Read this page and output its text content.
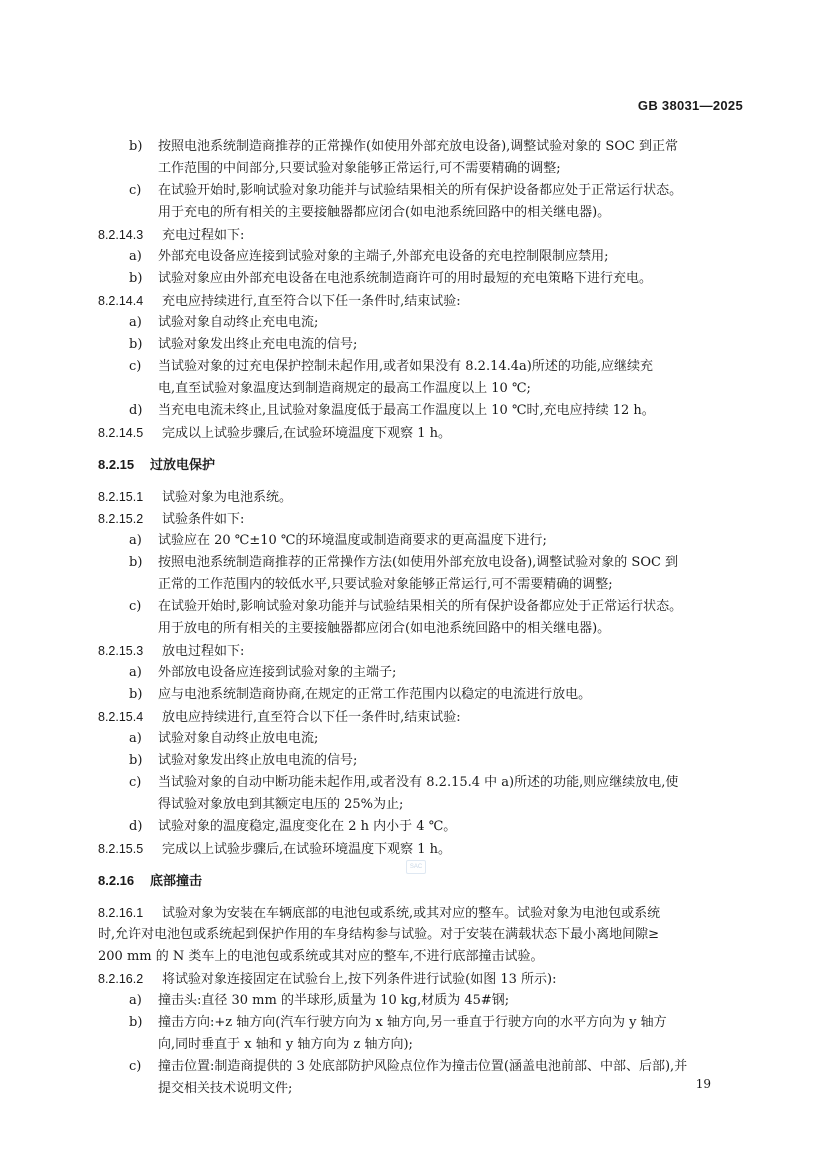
GB 38031—2025
b) 按照电池系统制造商推荐的正常操作(如使用外部充放电设备),调整试验对象的 SOC 到正常
工作范围的中间部分,只要试验对象能够正常运行,可不需要精确的调整;
c) 在试验开始时,影响试验对象功能并与试验结果相关的所有保护设备都应处于正常运行状态。
用于充电的所有相关的主要接触器都应闭合(如电池系统回路中的相关继电器)。
8.2.14.3 充电过程如下:
a) 外部充电设备应连接到试验对象的主端子,外部充电设备的充电控制限制应禁用;
b) 试验对象应由外部充电设备在电池系统制造商许可的用时最短的充电策略下进行充电。
8.2.14.4 充电应持续进行,直至符合以下任一条件时,结束试验:
a) 试验对象自动终止充电电流;
b) 试验对象发出终止充电电流的信号;
c) 当试验对象的过充电保护控制未起作用,或者如果没有 8.2.14.4a)所述的功能,应继续充
电,直至试验对象温度达到制造商规定的最高工作温度以上 10 ℃;
d) 当充电电流未终止,且试验对象温度低于最高工作温度以上 10 ℃时,充电应持续 12 h。
8.2.14.5 完成以上试验步骤后,在试验环境温度下观察 1 h。
8.2.15 过放电保护
8.2.15.1 试验对象为电池系统。
8.2.15.2 试验条件如下:
a) 试验应在 20 ℃±10 ℃的环境温度或制造商要求的更高温度下进行;
b) 按照电池系统制造商推荐的正常操作方法(如使用外部充放电设备),调整试验对象的 SOC 到
正常的工作范围内的较低水平,只要试验对象能够正常运行,可不需要精确的调整;
c) 在试验开始时,影响试验对象功能并与试验结果相关的所有保护设备都应处于正常运行状态。
用于放电的所有相关的主要接触器都应闭合(如电池系统回路中的相关继电器)。
8.2.15.3 放电过程如下:
a) 外部放电设备应连接到试验对象的主端子;
b) 应与电池系统制造商协商,在规定的正常工作范围内以稳定的电流进行放电。
8.2.15.4 放电应持续进行,直至符合以下任一条件时,结束试验:
a) 试验对象自动终止放电电流;
b) 试验对象发出终止放电电流的信号;
c) 当试验对象的自动中断功能未起作用,或者没有 8.2.15.4 中 a)所述的功能,则应继续放电,使
得试验对象放电到其额定电压的 25%为止;
d) 试验对象的温度稳定,温度变化在 2 h 内小于 4 ℃。
8.2.15.5 完成以上试验步骤后,在试验环境温度下观察 1 h。
8.2.16 底部撞击
8.2.16.1 试验对象为安装在车辆底部的电池包或系统,或其对应的整车。试验对象为电池包或系统
时,允许对电池包或系统起到保护作用的车身结构参与试验。对于安装在满载状态下最小离地间隙≥
200 mm 的 N 类车上的电池包或系统或其对应的整车,不进行底部撞击试验。
8.2.16.2 将试验对象连接固定在试验台上,按下列条件进行试验(如图 13 所示):
a) 撞击头:直径 30 mm 的半球形,质量为 10 kg,材质为 45#钢;
b) 撞击方向:+z 轴方向(汽车行驶方向为 x 轴方向,另一垂直于行驶方向的水平方向为 y 轴方
向,同时垂直于 x 轴和 y 轴方向为 z 轴方向);
c) 撞击位置:制造商提供的 3 处底部防护风险点位作为撞击位置(涵盖电池前部、中部、后部),并
提交相关技术说明文件;
SAC
19
